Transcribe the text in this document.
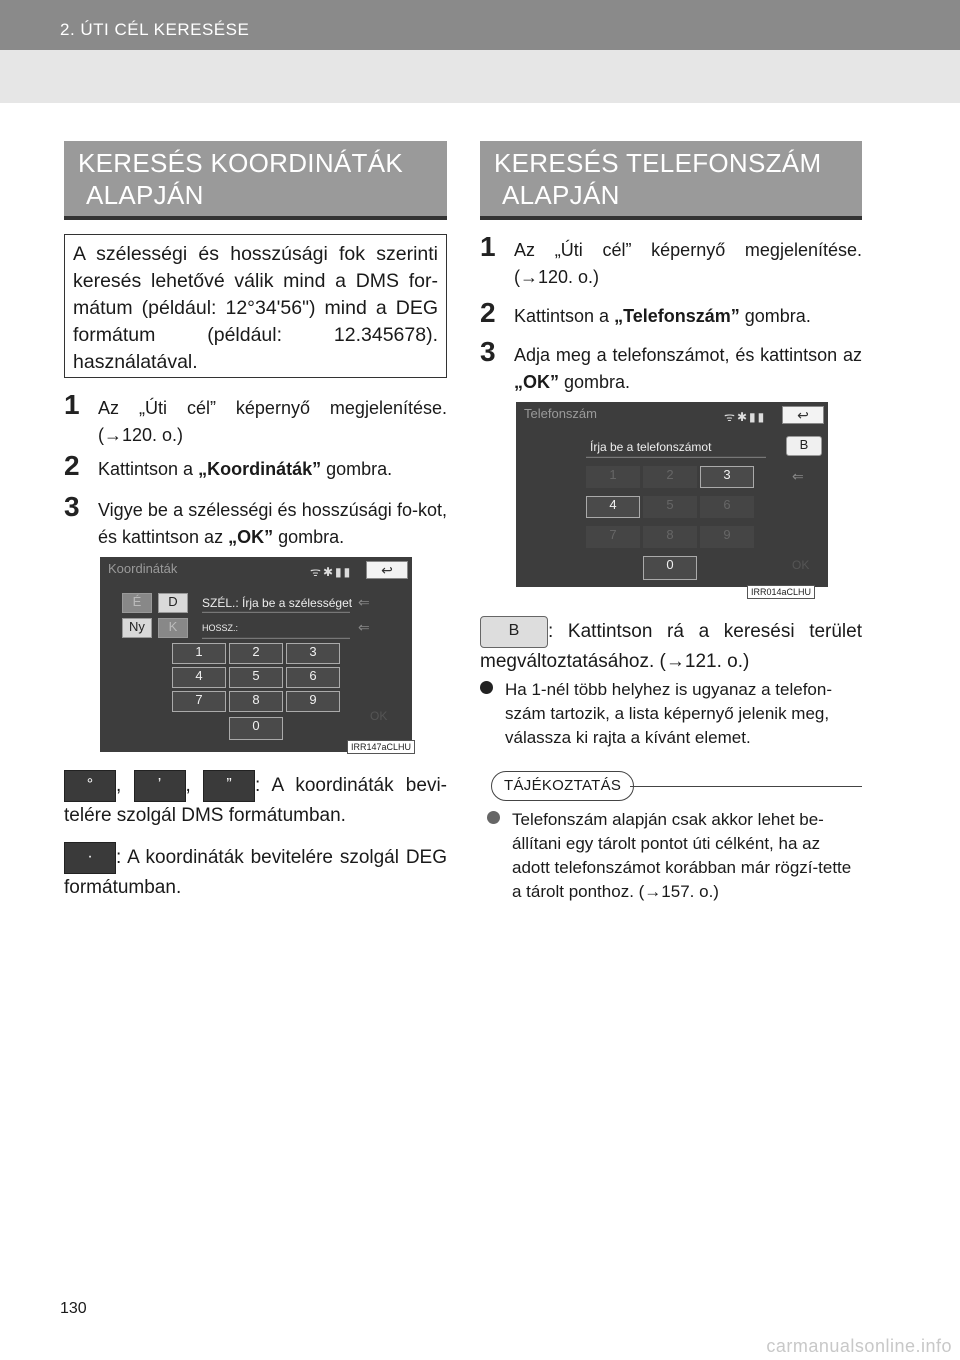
2. ÚTI CÉL KERESÉSE
KERESÉS KOORDINÁTÁK
ALAPJÁN
A szélességi és hosszúsági fok szerinti keresés lehetővé válik mind a DMS for-mátum (például: 12°34'56") mind a DEG formátum (például: 12.345678). használatával.
1	Az „Úti cél” képernyő megjelenítése. (→120. o.)
2	Kattintson a „Koordináták” gombra.
3	Vigye be a szélességi és hosszúsági fo-kot, és kattintson az „OK” gombra.
Koordináták	ᯤ✱▮▮	↩
É	D	SZÉL.: Írja be a szélességet ⇐
Ny	K	HOSSZ.:	⇐
1	2	3
4	5	6
7	8	9
0
OK
IRR147aCLHU
° , ’ , ” : A koordináták bevi-telére szolgál DMS formátumban.
· : A koordináták bevitelére szolgál DEG formátumban.
KERESÉS TELEFONSZÁM
ALAPJÁN
1	Az „Úti cél” képernyő megjelenítése. (→120. o.)
2	Kattintson a „Telefonszám” gombra.
3	Adja meg a telefonszámot, és kattintson az „OK” gombra.
Telefonszám	ᯤ✱▮▮	↩
Írja be a telefonszámot	B
⇐
1	2	3
4	5	6
7	8	9
0	OK
IRR014aCLHU
B : Kattintson rá a keresési terület megváltoztatásához. (→121. o.)
Ha 1-nél több helyhez is ugyanaz a telefon-szám tartozik, a lista képernyő jelenik meg, válassza ki rajta a kívánt elemet.
TÁJÉKOZTATÁS
Telefonszám alapján csak akkor lehet be-állítani egy tárolt pontot úti célként, ha az adott telefonszámot korábban már rögzí-tette a tárolt ponthoz. (→157. o.)
130
carmanualsonline.info
